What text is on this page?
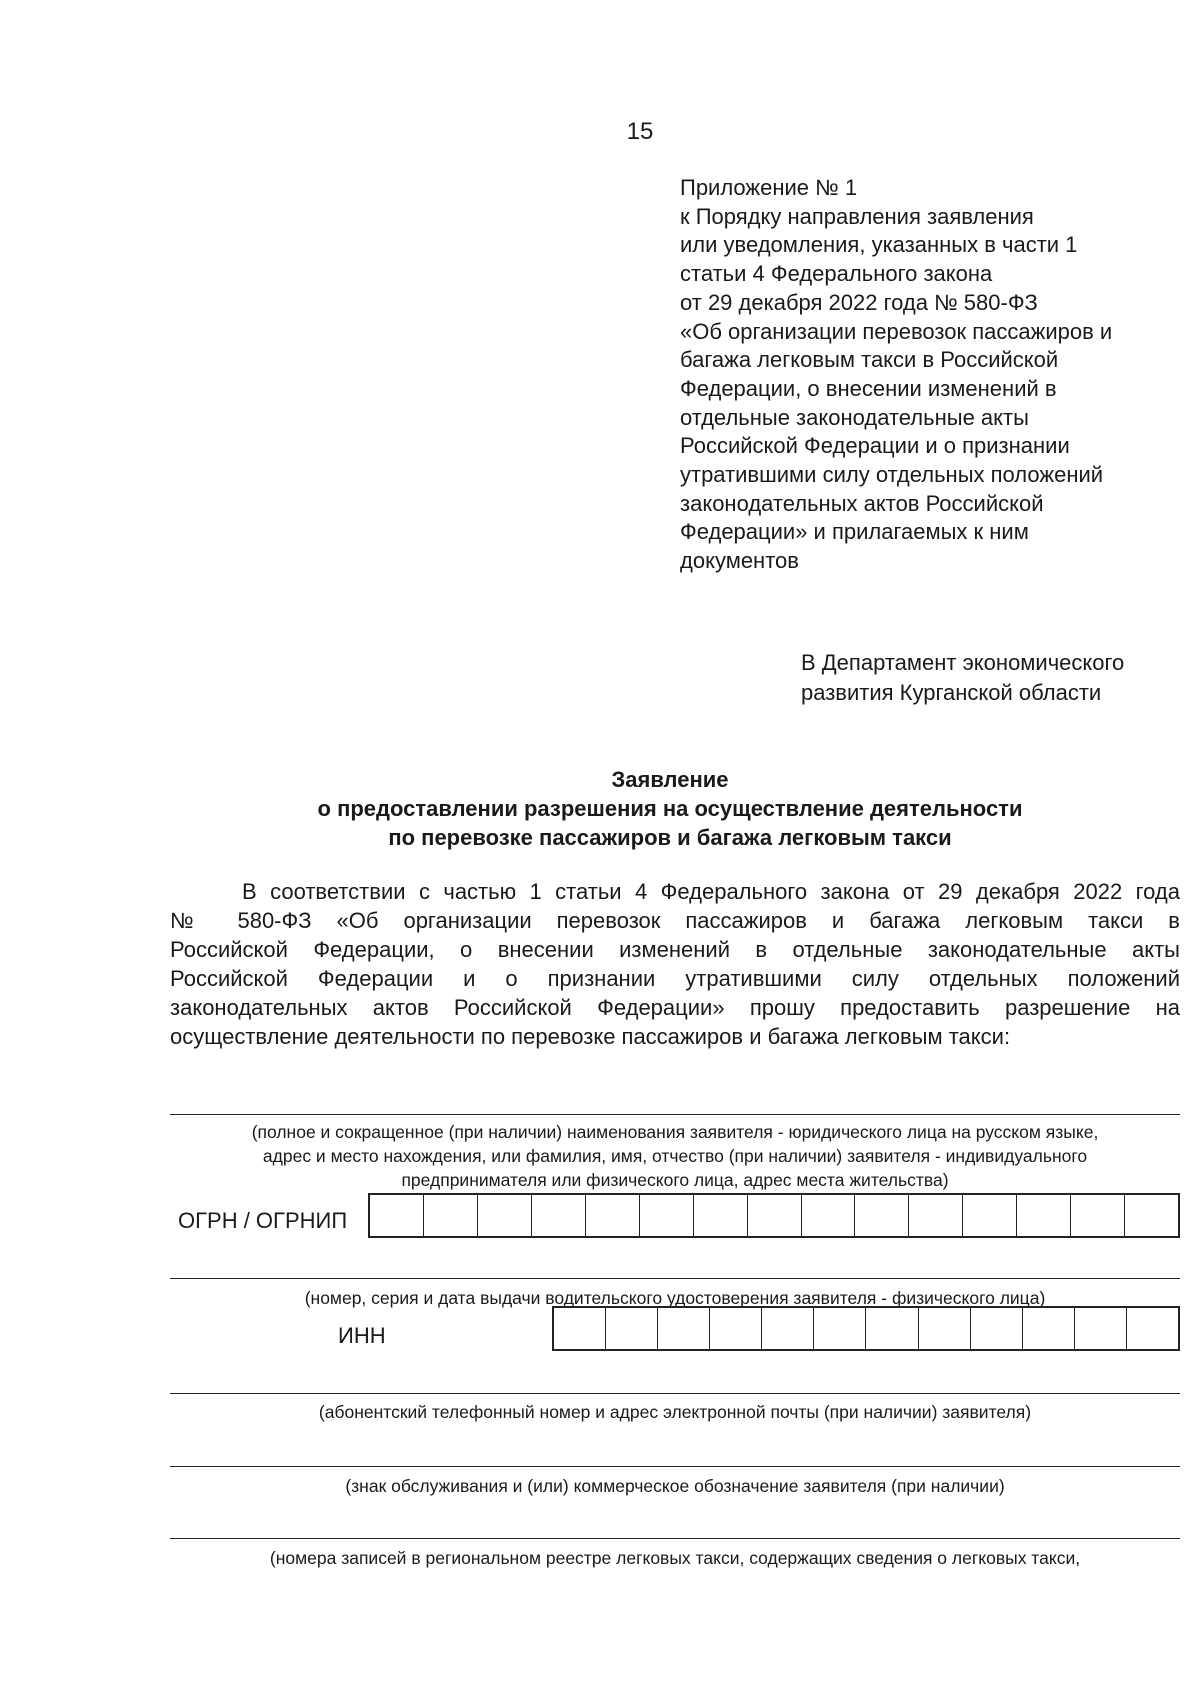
15
Приложение № 1
к Порядку направления заявления
или уведомления, указанных в части 1
статьи 4 Федерального закона
от 29 декабря 2022 года № 580-ФЗ
«Об организации перевозок пассажиров и
багажа легковым такси в Российской
Федерации, о внесении изменений в
отдельные законодательные акты
Российской Федерации и о признании
утратившими силу отдельных положений
законодательных актов Российской
Федерации» и прилагаемых к ним
документов
В Департамент экономического
развития Курганской области
Заявление
о предоставлении разрешения на осуществление деятельности
по перевозке пассажиров и багажа легковым такси
В соответствии с частью 1 статьи 4 Федерального закона от 29 декабря 2022 года
№ 580-ФЗ «Об организации перевозок пассажиров и багажа легковым такси в
Российской Федерации, о внесении изменений в отдельные законодательные акты
Российской Федерации и о признании утратившими силу отдельных положений
законодательных актов Российской Федерации» прошу предоставить разрешение на
осуществление деятельности по перевозке пассажиров и багажа легковым такси:
(полное и сокращенное (при наличии) наименования заявителя - юридического лица на русском языке,
адрес и место нахождения, или фамилия, имя, отчество (при наличии) заявителя - индивидуального
предпринимателя или физического лица, адрес места жительства)
ОГРН / ОГРНИП
(номер, серия и дата выдачи водительского удостоверения заявителя - физического лица)
ИНН
(абонентский телефонный номер и адрес электронной почты (при наличии) заявителя)
(знак обслуживания и (или) коммерческое обозначение заявителя (при наличии)
(номера записей в региональном реестре легковых такси, содержащих сведения о легковых такси,
